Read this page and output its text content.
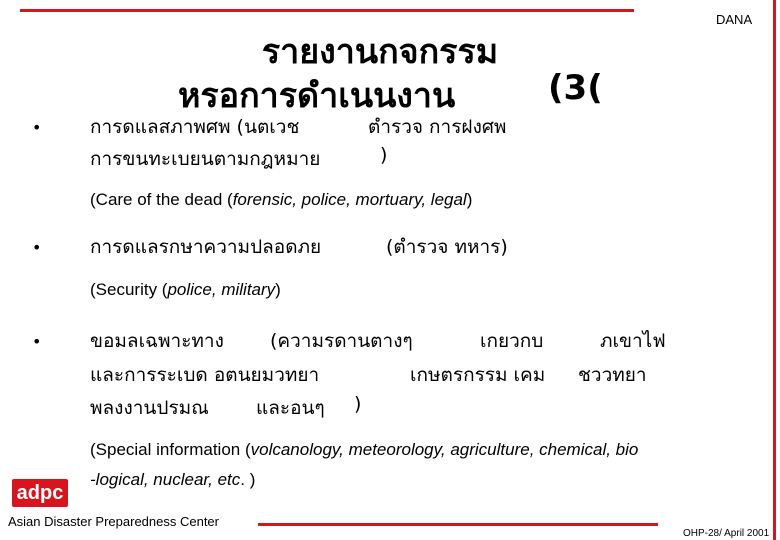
DANA
รายงานกจกรรม
หรอการดำเนนงาน	(3(
•	การดแลสภาพศพ (นตเวช	ตำรวจ การฝงศพ
การขนทะเบยนตามกฎหมาย	)
(Care of the dead (forensic, police, mortuary, legal)
•	การดแลรกษาความปลอดภย	(ตำรวจ ทหาร)
(Security (police, military)
•	ขอมลเฉพาะทาง (ความรดานตางๆ	เกยวกบ	ภเขาไฟ
และการระเบด อตนยมวทยา	เกษตรกรรม เคม ชววทยา
พลงงานปรมณ และอนๆ )
(Special information (volcanology, meteorology, agriculture, chemical, bio
-logical, nuclear, etc. )
adpc
Asian Disaster Preparedness Center
OHP-28/ April 2001
